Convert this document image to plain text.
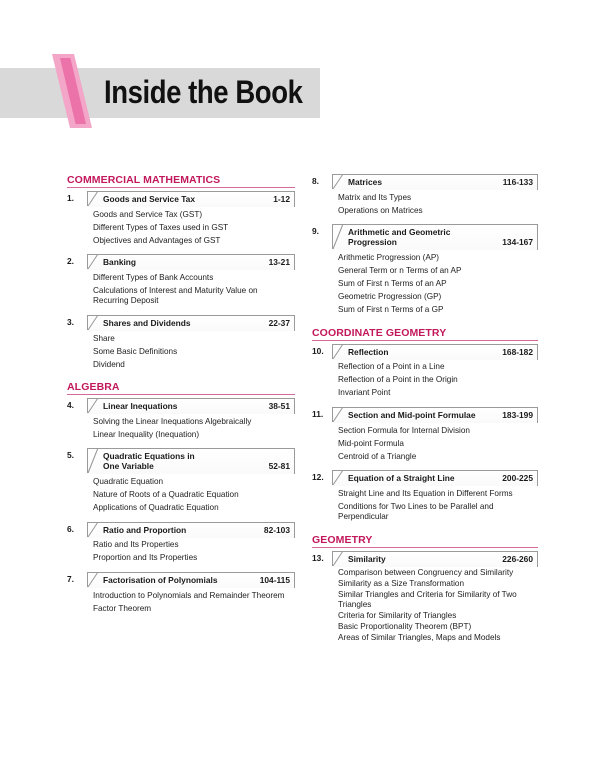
Inside the Book
COMMERCIAL MATHEMATICS
1.	Goods and Service Tax	1-12
Goods and Service Tax (GST)
Different Types of Taxes used in GST
Objectives and Advantages of GST
2.	Banking	13-21
Different Types of Bank Accounts
Calculations of Interest and Maturity Value on Recurring Deposit
3.	Shares and Dividends	22-37
Share
Some Basic Definitions
Dividend
ALGEBRA
4.	Linear Inequations	38-51
Solving the Linear Inequations Algebraically
Linear Inequality (Inequation)
5.	Quadratic Equations in One Variable	52-81
Quadratic Equation
Nature of Roots of a Quadratic Equation
Applications of Quadratic Equation
6.	Ratio and Proportion	82-103
Ratio and Its Properties
Proportion and Its Properties
7.	Factorisation of Polynomials	104-115
Introduction to Polynomials and Remainder Theorem
Factor Theorem
8.	Matrices	116-133
Matrix and Its Types
Operations on Matrices
9.	Arithmetic and Geometric Progression	134-167
Arithmetic Progression (AP)
General Term or n Terms of an AP
Sum of First n Terms of an AP
Geometric Progression (GP)
Sum of First n Terms of a GP
COORDINATE GEOMETRY
10.	Reflection	168-182
Reflection of a Point in a Line
Reflection of a Point in the Origin
Invariant Point
11.	Section and Mid-point Formulae	183-199
Section Formula for Internal Division
Mid-point Formula
Centroid of a Triangle
12.	Equation of a Straight Line	200-225
Straight Line and Its Equation in Different Forms
Conditions for Two Lines to be Parallel and Perpendicular
GEOMETRY
13.	Similarity	226-260
Comparison between Congruency and Similarity
Similarity as a Size Transformation
Similar Triangles and Criteria for Similarity of Two Triangles
Criteria for Similarity of Triangles
Basic Proportionality Theorem (BPT)
Areas of Similar Triangles, Maps and Models
